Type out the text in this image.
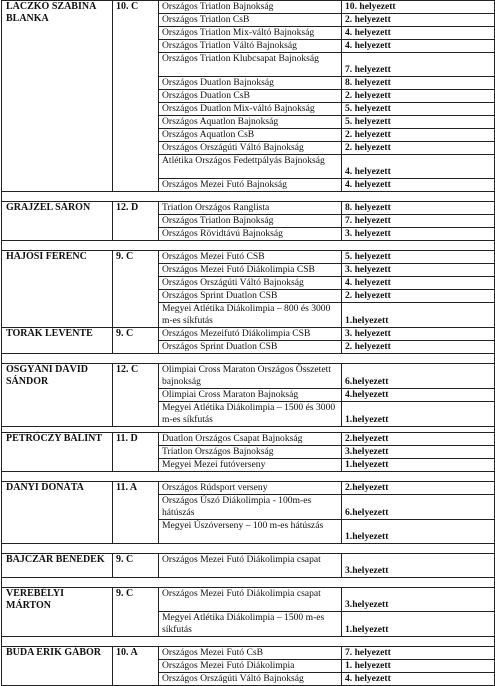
LACZKÓ SZABINA BLANKA	10. C	Országos Triatlon Bajnokság	10. helyezett
		Országos Triatlon CsB	2. helyezett
		Országos Triatlon Mix-váltó Bajnokság	4. helyezett
		Országos Triatlon Váltó Bajnokság	4. helyezett
		Országos Triatlon Klubcsapat Bajnokság	7. helyezett
		Országos Duatlon Bajnokság	8. helyezett
		Országos Duatlon CsB	2. helyezett
		Országos Duatlon Mix-váltó Bajnokság	5. helyezett
		Országos Aquatlon Bajnokság	5. helyezett
		Országos Aquatlon CsB	2. helyezett
		Országos Országúti Váltó Bajnokság	2. helyezett
		Atlétika Országos Fedettpályás Bajnokság	4. helyezett
		Országos Mezei Futó Bajnokság	4. helyezett

GRAJZEL SÁRON	12. D	Triatlon Országos Ranglista	8. helyezett
		Országos Triatlon Bajnokság	7. helyezett
		Országos Rövidtávú Bajnokság	3. helyezett

HAJÓSI FERENC	9. C	Országos Mezei Futó CSB	5. helyezett
		Országos Mezei Futó Diákolimpia CSB	3. helyezett
		Országos Országúti Váltó Bajnokság	4. helyezett
		Országos Sprint Duatlon CSB	2. helyezett
		Megyei Atlétika Diákolimpia – 800 és 3000 m-es síkfutás	1.helyezett
TORÁK LEVENTE	9. C	Országos Mezeifutó Diákolimpia CSB	3. helyezett
		Országos Sprint Duatlon CSB	2. helyezett

OSGYÁNI DÁVID SÁNDOR	12. C	Olimpiai Cross Maraton Országos Összetett bajnokság	6.helyezett
		Olimpiai Cross Maraton Bajnokság	4.helyezett
		Megyei Atlétika Diákolimpia – 1500 és 3000 m-es síkfutás	1.helyezett

PETRÓCZY BÁLINT	11. D	Duatlon Országos Csapat Bajnokság	2.helyezett
		Triatlon Országos Bajnokság	3.helyezett
		Megyei Mezei futóverseny	1.helyezett

DANYI DONÁTA	11. A	Országos Rúdsport verseny	2.helyezett
		Országos Úszó Diákolimpia - 100m-es hátúszás	6.helyezett
		Megyei Úszóverseny – 100 m-es hátúszás	1.helyezett

BAJCZÁR BENEDEK	9. C	Országos Mezei Futó Diákolimpia csapat	3.helyezett

VEREBÉLYI MÁRTON	9. C	Országos Mezei Futó Diákolimpia csapat	3.helyezett
		Megyei Atlétika Diákolimpia – 1500 m-es síkfutás	1.helyezett

BUDA ERIK GÁBOR	10. A	Országos Mezei Futó CsB	7. helyezett
		Országos Mezei Futó Diákolimpia	1. helyezett
		Országos Országúti Váltó Bajnokság	4. helyezett
